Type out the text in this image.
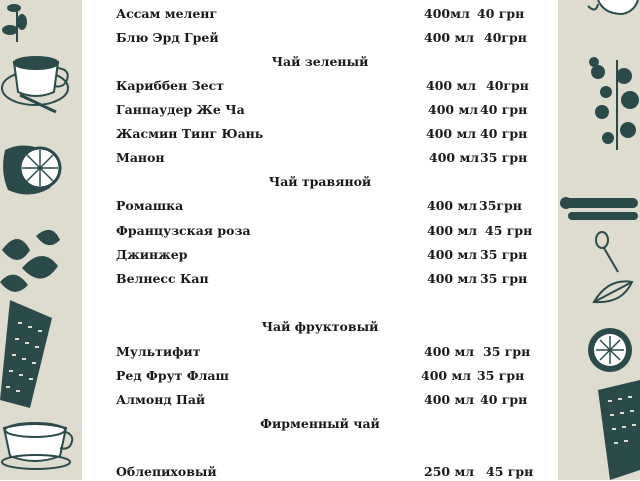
Ассам меленг	400мл 40 грн
Блю Эрд Грей	400 мл 40грн
Чай зеленый
Кариббен Зест	400 мл 40грн
Ганпаудер Же Ча	400 мл 40 грн
Жасмин Тинг Юань	400 мл 40 грн
Манон	400 мл 35 грн
Чай травяной
Ромашка	400 мл 35грн
Французская роза	400 мл 45 грн
Джинжер	400 мл 35 грн
Велнесс Кап	400 мл 35 грн
Чай фруктовый
Мультифит	400 мл 35 грн
Ред Фрут Флаш	400 мл 35 грн
Алмонд Пай	400 мл 40 грн
Фирменный чай
Облепиховый	250 мл 45 грн
